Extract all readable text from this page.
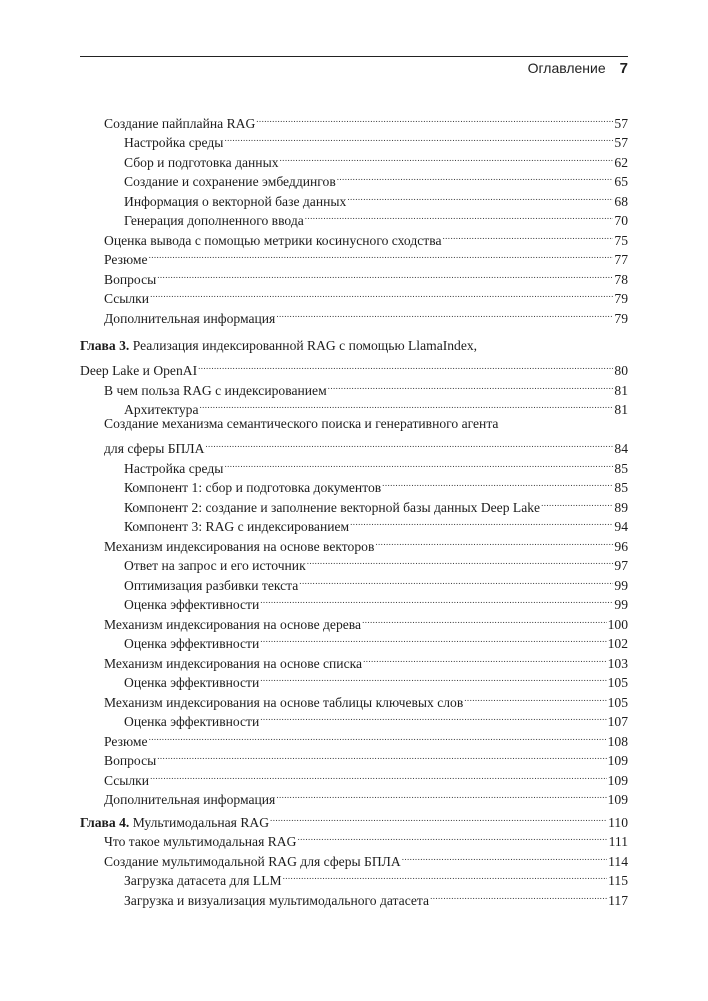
Оглавление 7
Создание пайплайна RAG .....	57
Настройка среды .....	57
Сбор и подготовка данных .....	62
Создание и сохранение эмбеддингов .....	65
Информация о векторной базе данных .....	68
Генерация дополненного ввода .....	70
Оценка вывода с помощью метрики косинусного сходства .....	75
Резюме .....	77
Вопросы .....	78
Ссылки .....	79
Дополнительная информация .....	79
Глава 3. Реализация индексированной RAG с помощью LlamaIndex,
Deep Lake и OpenAI .....	80
В чем польза RAG с индексированием .....	81
Архитектура .....	81
Создание механизма семантического поиска и генеративного агента
для сферы БПЛА .....	84
Настройка среды .....	85
Компонент 1: сбор и подготовка документов .....	85
Компонент 2: создание и заполнение векторной базы данных Deep Lake .....	89
Компонент 3: RAG с индексированием .....	94
Механизм индексирования на основе векторов .....	96
Ответ на запрос и его источник .....	97
Оптимизация разбивки текста .....	99
Оценка эффективности .....	99
Механизм индексирования на основе дерева .....	100
Оценка эффективности .....	102
Механизм индексирования на основе списка .....	103
Оценка эффективности .....	105
Механизм индексирования на основе таблицы ключевых слов .....	105
Оценка эффективности .....	107
Резюме .....	108
Вопросы .....	109
Ссылки .....	109
Дополнительная информация .....	109
Глава 4.
Мультимодальная RAG .....	110
Что такое мультимодальная RAG .....	111
Создание мультимодальной RAG для сферы БПЛА .....	114
Загрузка датасета для LLM .....	115
Загрузка и визуализация мультимодального датасета .....	117
